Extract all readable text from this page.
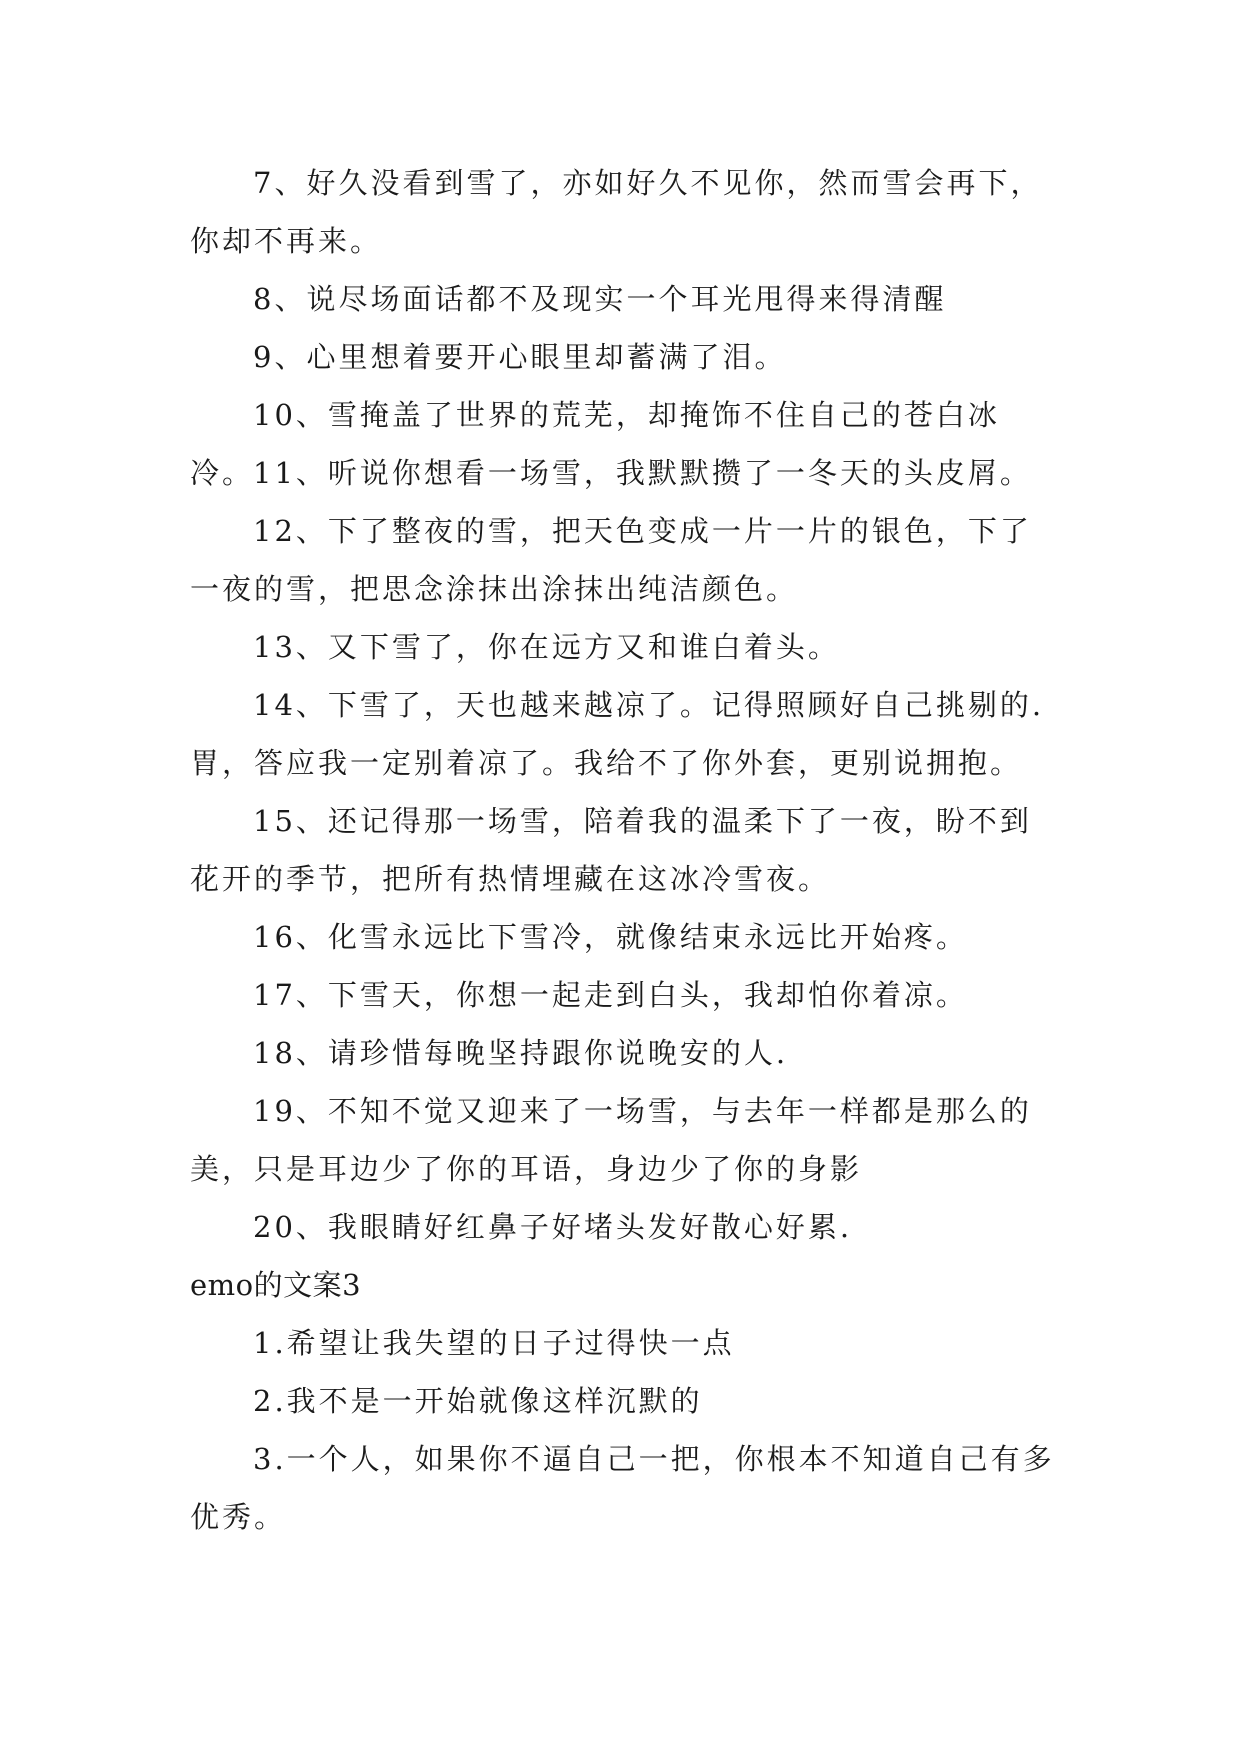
7、好久没看到雪了，亦如好久不见你，然而雪会再下，你却不再来。

8、说尽场面话都不及现实一个耳光甩得来得清醒

9、心里想着要开心眼里却蓄满了泪。

10、雪掩盖了世界的荒芜，却掩饰不住自己的苍白冰冷。

11、听说你想看一场雪，我默默攒了一冬天的头皮屑。

12、下了整夜的雪，把天色变成一片一片的银色，下了一夜的雪，把思念涂抹出涂抹出纯洁颜色。

13、又下雪了，你在远方又和谁白着头。

14、下雪了，天也越来越凉了。记得照顾好自己挑剔的.胃，答应我一定别着凉了。我给不了你外套，更别说拥抱。

15、还记得那一场雪，陪着我的温柔下了一夜，盼不到花开的季节，把所有热情埋藏在这冰冷雪夜。

16、化雪永远比下雪冷，就像结束永远比开始疼。

17、下雪天，你想一起走到白头，我却怕你着凉。

18、请珍惜每晚坚持跟你说晚安的人.

19、不知不觉又迎来了一场雪，与去年一样都是那么的美，只是耳边少了你的耳语，身边少了你的身影

20、我眼睛好红鼻子好堵头发好散心好累.

emo的文案3

1.希望让我失望的日子过得快一点

2.我不是一开始就像这样沉默的

3.一个人，如果你不逼自己一把，你根本不知道自己有多优秀。
